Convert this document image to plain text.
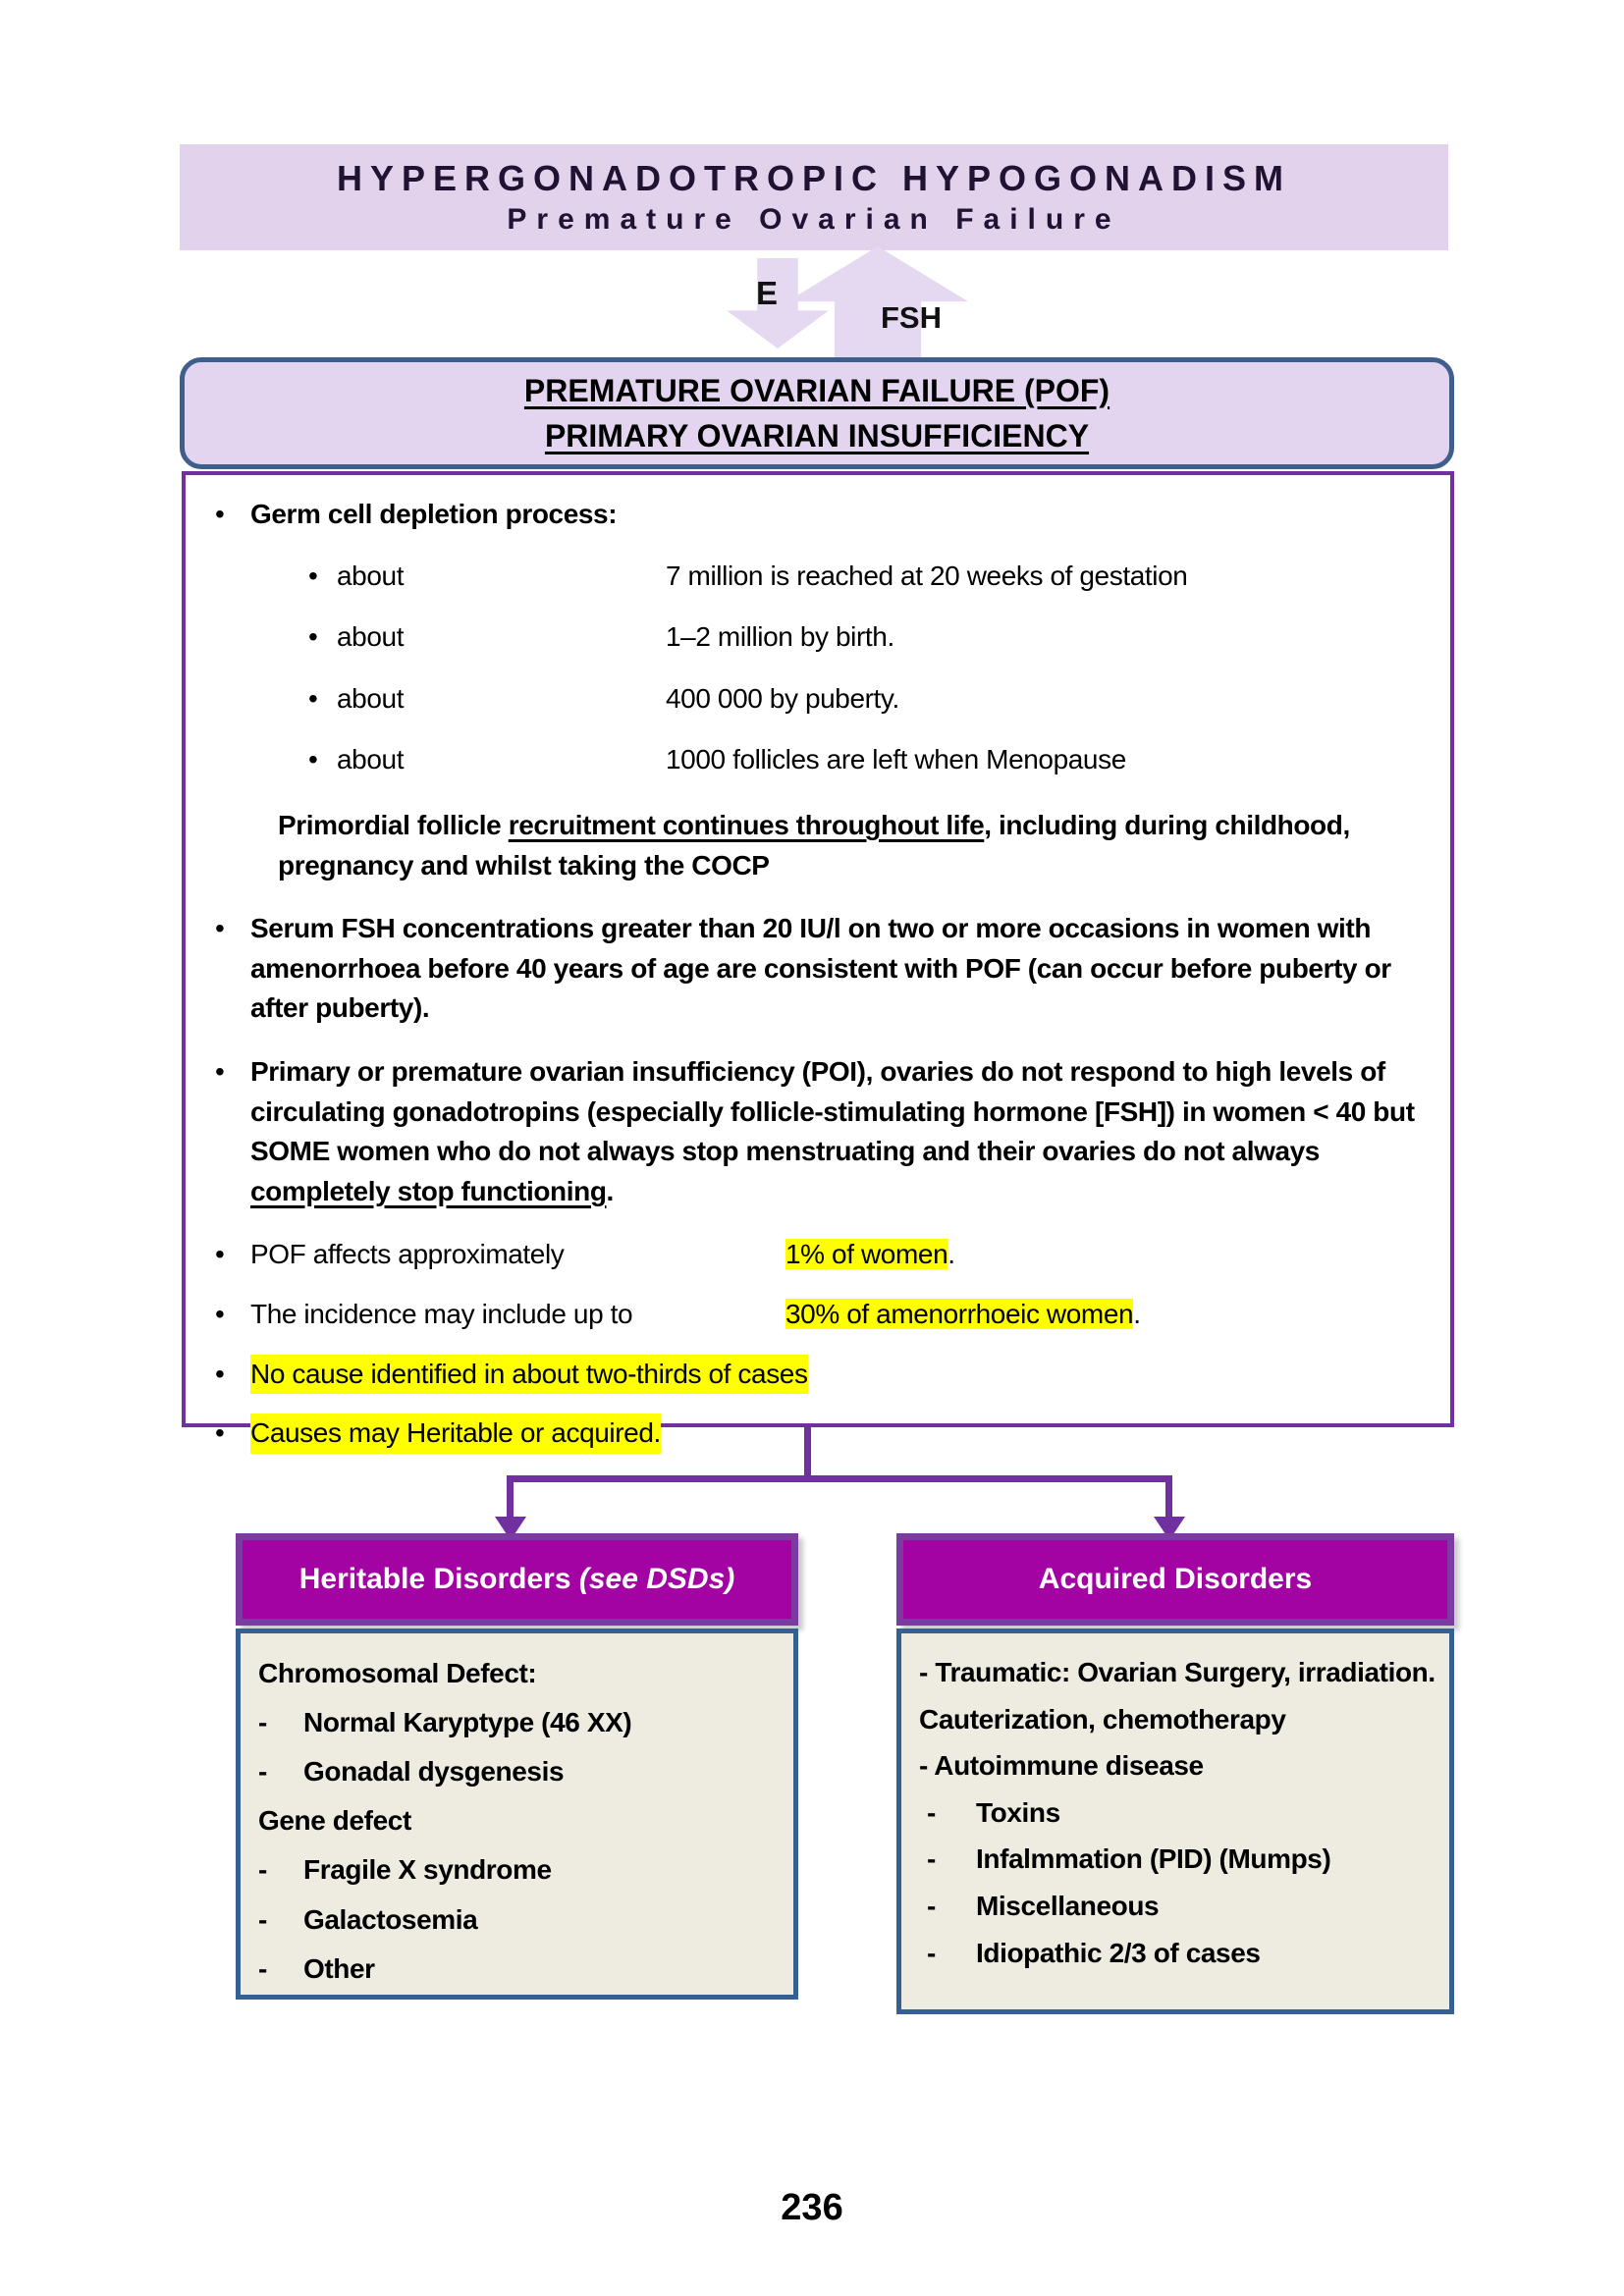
HYPERGONADOTROPIC HYPOGONADISM
Premature Ovarian Failure
E
FSH
PREMATURE OVARIAN FAILURE (POF)
PRIMARY OVARIAN INSUFFICIENCY
• Germ cell depletion process:
• about	7 million is reached at 20 weeks of gestation
• about	1–2 million by birth.
• about	400 000 by puberty.
• about	1000 follicles are left when Menopause
Primordial follicle recruitment continues throughout life, including during childhood, pregnancy and whilst taking the COCP
• Serum FSH concentrations greater than 20 IU/l on two or more occasions in women with amenorrhoea before 40 years of age are consistent with POF (can occur before puberty or after puberty).
• Primary or premature ovarian insufficiency (POI), ovaries do not respond to high levels of circulating gonadotropins (especially follicle-stimulating hormone [FSH]) in women < 40 but SOME women who do not always stop menstruating and their ovaries do not always completely stop functioning.
• POF affects approximately	1% of women.
• The incidence may include up to	30% of amenorrhoeic women.
• No cause identified in about two-thirds of cases
• Causes may Heritable or acquired.
Heritable Disorders
(see DSDs)	Acquired Disorders
Chromosomal Defect:
-	Normal Karyptype (46 XX)
-	Gonadal dysgenesis
Gene defect
-	Fragile X syndrome
-	Galactosemia
-	Other
- Traumatic: Ovarian Surgery, irradiation. Cauterization, chemotherapy
- Autoimmune disease
-	Toxins
-	Infalmmation (PID) (Mumps)
-	Miscellaneous
-	Idiopathic 2/3 of cases
236
